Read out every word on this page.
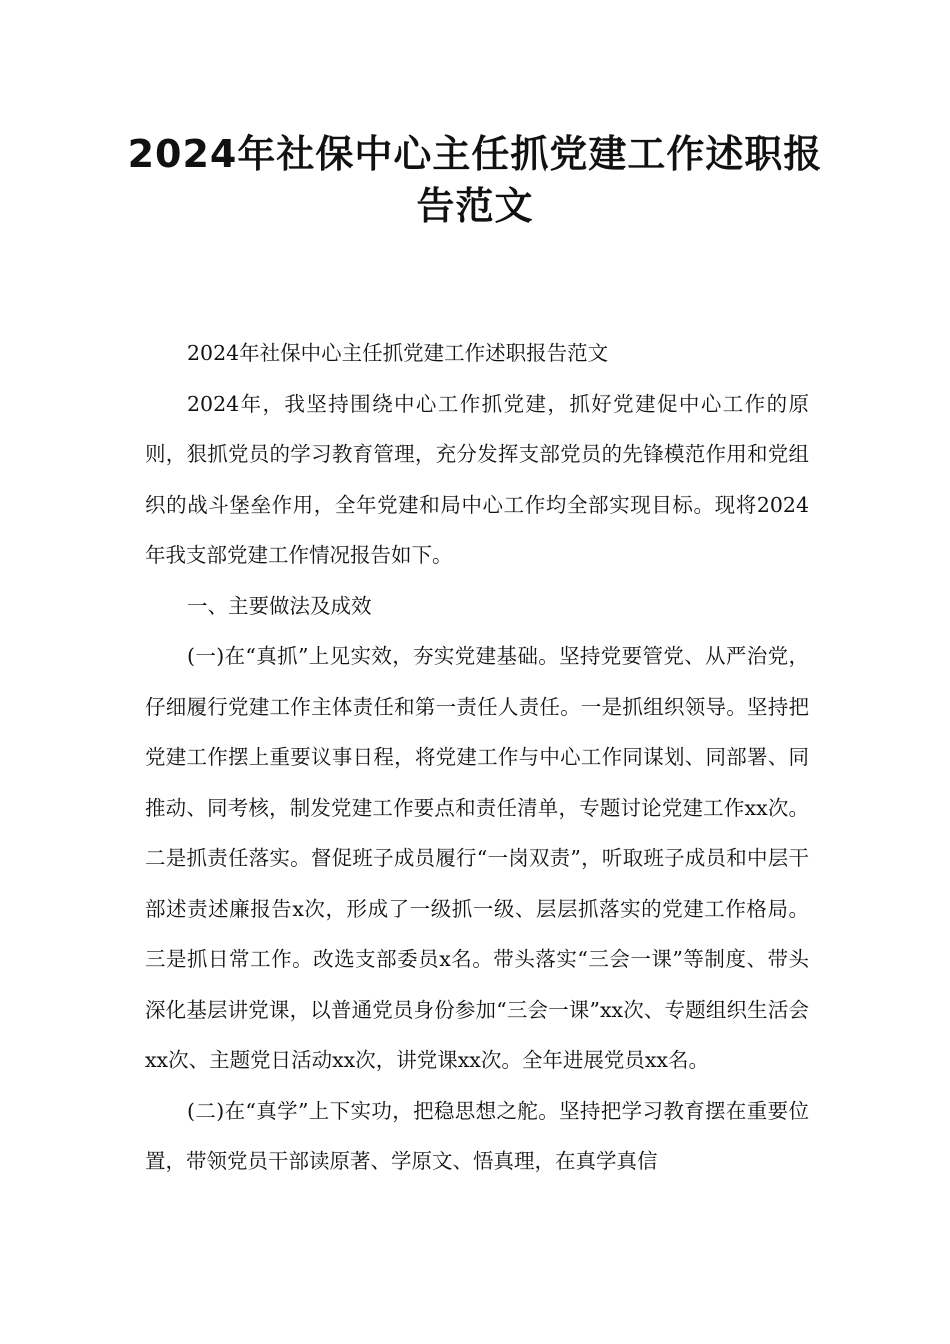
2024年社保中心主任抓党建工作述职报告范文

2024年社保中心主任抓党建工作述职报告范文

2024年，我坚持围绕中心工作抓党建，抓好党建促中心工作的原则，狠抓党员的学习教育管理，充分发挥支部党员的先锋模范作用和党组织的战斗堡垒作用，全年党建和局中心工作均全部实现目标。现将2024年我支部党建工作情况报告如下。

一、主要做法及成效

(一)在“真抓”上见实效，夯实党建基础。坚持党要管党、从严治党，仔细履行党建工作主体责任和第一责任人责任。一是抓组织领导。坚持把党建工作摆上重要议事日程，将党建工作与中心工作同谋划、同部署、同推动、同考核，制发党建工作要点和责任清单，专题讨论党建工作xx次。二是抓责任落实。督促班子成员履行“一岗双责”，听取班子成员和中层干部述责述廉报告x次，形成了一级抓一级、层层抓落实的党建工作格局。三是抓日常工作。改选支部委员x名。带头落实“三会一课”等制度、带头深化基层讲党课，以普通党员身份参加“三会一课”xx次、专题组织生活会xx次、主题党日活动xx次，讲党课xx次。全年进展党员xx名。

(二)在“真学”上下实功，把稳思想之舵。坚持把学习教育摆在重要位置，带领党员干部读原著、学原文、悟真理，在真学真信
